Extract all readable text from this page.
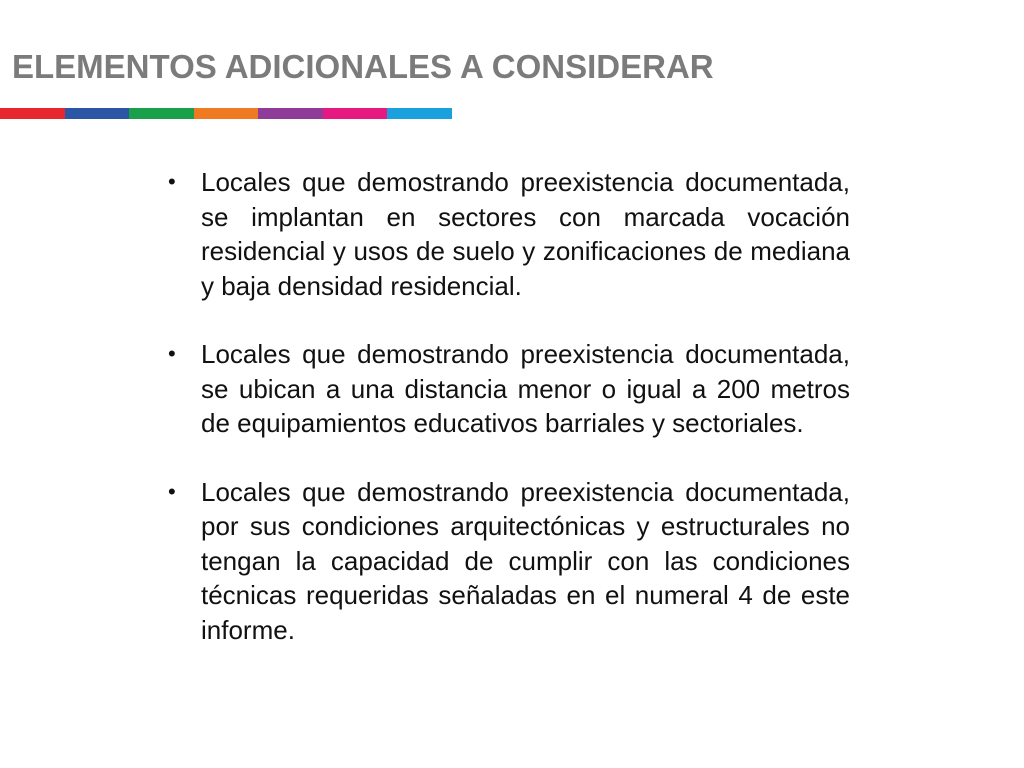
ELEMENTOS ADICIONALES A CONSIDERAR
• Locales que demostrando preexistencia documentada, se implantan en sectores con marcada vocación residencial y usos de suelo y zonificaciones de mediana y baja densidad residencial.
• Locales que demostrando preexistencia documentada, se ubican a una distancia menor o igual a 200 metros de equipamientos educativos barriales y sectoriales.
• Locales que demostrando preexistencia documentada, por sus condiciones arquitectónicas y estructurales no tengan la capacidad de cumplir con las condiciones técnicas requeridas señaladas en el numeral 4 de este informe.
